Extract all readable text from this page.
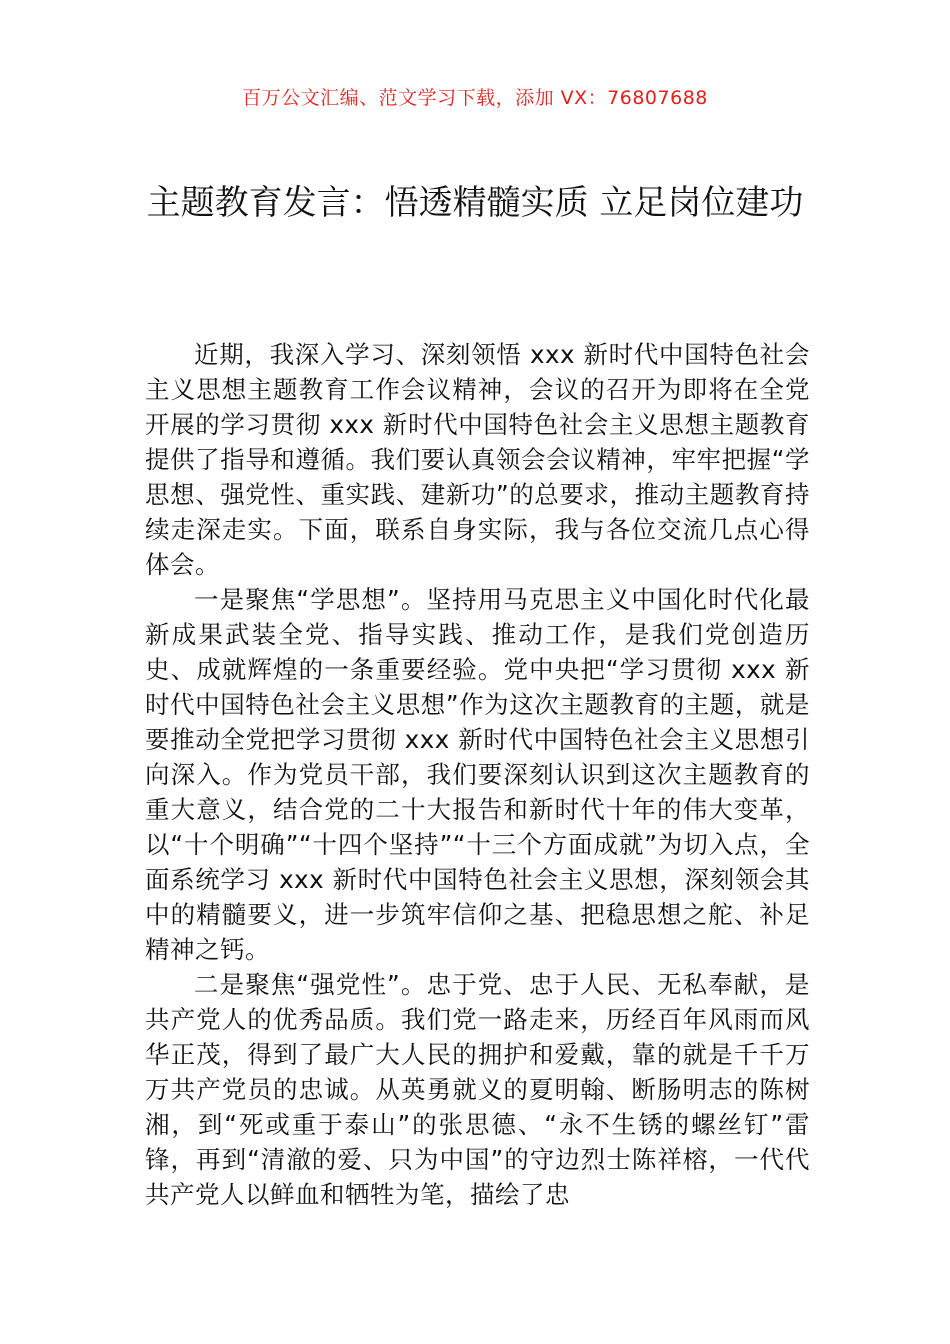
百万公文汇编、范文学习下载，添加 VX：76807688
主题教育发言：悟透精髓实质 立足岗位建功

近期，我深入学习、深刻领悟 xxx 新时代中国特色社会主义思想主题教育工作会议精神，会议的召开为即将在全党开展的学习贯彻 xxx 新时代中国特色社会主义思想主题教育提供了指导和遵循。我们要认真领会会议精神，牢牢把握“学思想、强党性、重实践、建新功”的总要求，推动主题教育持续走深走实。下面，联系自身实际，我与各位交流几点心得体会。

一是聚焦“学思想”。坚持用马克思主义中国化时代化最新成果武装全党、指导实践、推动工作，是我们党创造历史、成就辉煌的一条重要经验。党中央把“学习贯彻 xxx 新时代中国特色社会主义思想”作为这次主题教育的主题，就是要推动全党把学习贯彻 xxx 新时代中国特色社会主义思想引向深入。作为党员干部，我们要深刻认识到这次主题教育的重大意义，结合党的二十大报告和新时代十年的伟大变革，以“十个明确”“十四个坚持”“十三个方面成就”为切入点，全面系统学习 xxx 新时代中国特色社会主义思想，深刻领会其中的精髓要义，进一步筑牢信仰之基、把稳思想之舵、补足精神之钙。

二是聚焦“强党性”。忠于党、忠于人民、无私奉献，是共产党人的优秀品质。我们党一路走来，历经百年风雨而风华正茂，得到了最广大人民的拥护和爱戴，靠的就是千千万万共产党员的忠诚。从英勇就义的夏明翰、断肠明志的陈树湘，到“死或重于泰山”的张思德、“永不生锈的螺丝钉”雷锋，再到“清澈的爱、只为中国”的守边烈士陈祥榕，一代代共产党人以鲜血和牺牲为笔，描绘了忠
